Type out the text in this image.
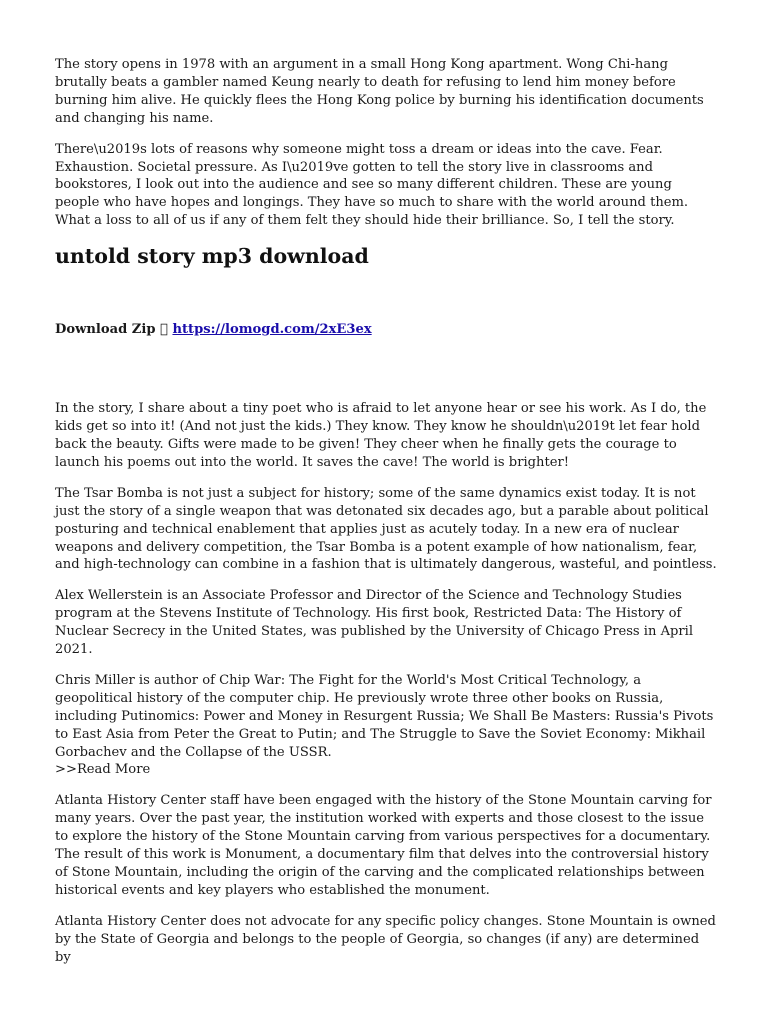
The story opens in 1978 with an argument in a small Hong Kong apartment. Wong Chi-hang brutally beats a gambler named Keung nearly to death for refusing to lend him money before burning him alive. He quickly flees the Hong Kong police by burning his identification documents and changing his name.

There\u2019s lots of reasons why someone might toss a dream or ideas into the cave. Fear. Exhaustion. Societal pressure. As I\u2019ve gotten to tell the story live in classrooms and bookstores, I look out into the audience and see so many different children. These are young people who have hopes and longings. They have so much to share with the world around them. What a loss to all of us if any of them felt they should hide their brilliance. So, I tell the story.

untold story mp3 download
Download Zip https://lomogd.com/2xE3ex

In the story, I share about a tiny poet who is afraid to let anyone hear or see his work. As I do, the kids get so into it! (And not just the kids.) They know. They know he shouldn\u2019t let fear hold back the beauty. Gifts were made to be given! They cheer when he finally gets the courage to launch his poems out into the world. It saves the cave! The world is brighter!

The Tsar Bomba is not just a subject for history; some of the same dynamics exist today. It is not just the story of a single weapon that was detonated six decades ago, but a parable about political posturing and technical enablement that applies just as acutely today. In a new era of nuclear weapons and delivery competition, the Tsar Bomba is a potent example of how nationalism, fear, and high-technology can combine in a fashion that is ultimately dangerous, wasteful, and pointless.

Alex Wellerstein is an Associate Professor and Director of the Science and Technology Studies program at the Stevens Institute of Technology. His first book, Restricted Data: The History of Nuclear Secrecy in the United States, was published by the University of Chicago Press in April 2021.

Chris Miller is author of Chip War: The Fight for the World's Most Critical Technology, a geopolitical history of the computer chip. He previously wrote three other books on Russia, including Putinomics: Power and Money in Resurgent Russia; We Shall Be Masters: Russia's Pivots to East Asia from Peter the Great to Putin; and The Struggle to Save the Soviet Economy: Mikhail Gorbachev and the Collapse of the USSR.
>>Read More

Atlanta History Center staff have been engaged with the history of the Stone Mountain carving for many years. Over the past year, the institution worked with experts and those closest to the issue to explore the history of the Stone Mountain carving from various perspectives for a documentary. The result of this work is Monument, a documentary film that delves into the controversial history of Stone Mountain, including the origin of the carving and the complicated relationships between historical events and key players who established the monument.

Atlanta History Center does not advocate for any specific policy changes. Stone Mountain is owned by the State of Georgia and belongs to the people of Georgia, so changes (if any) are determined by
